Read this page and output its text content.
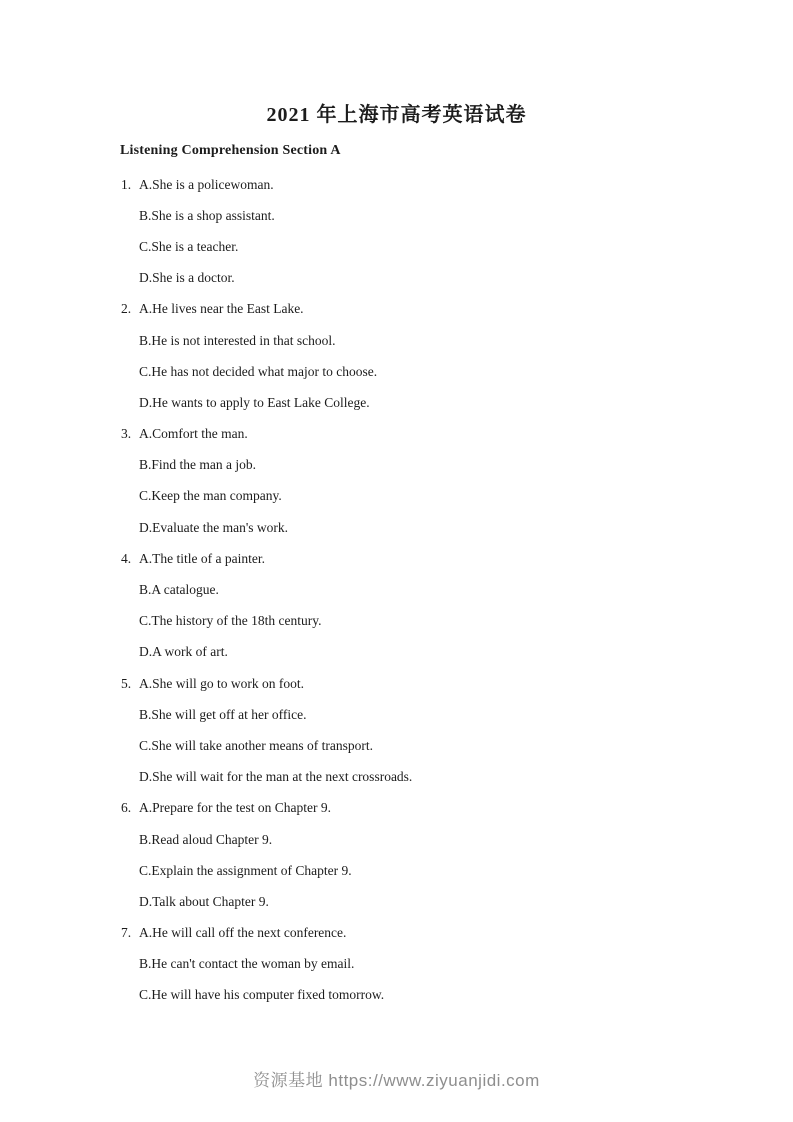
2021 年上海市高考英语试卷
Listening Comprehension Section A
1. A.She is a policewoman.
B.She is a shop assistant.
C.She is a teacher.
D.She is a doctor.
2. A.He lives near the East Lake.
B.He is not interested in that school.
C.He has not decided what major to choose.
D.He wants to apply to East Lake College.
3. A.Comfort the man.
B.Find the man a job.
C.Keep the man company.
D.Evaluate the man's work.
4. A.The title of a painter.
B.A catalogue.
C.The history of the 18th century.
D.A work of art.
5. A.She will go to work on foot.
B.She will get off at her office.
C.She will take another means of transport.
D.She will wait for the man at the next crossroads.
6. A.Prepare for the test on Chapter 9.
B.Read aloud Chapter 9.
C.Explain the assignment of Chapter 9.
D.Talk about Chapter 9.
7. A.He will call off the next conference.
B.He can't contact the woman by email.
C.He will have his computer fixed tomorrow.
资源基地 https://www.ziyuanjidi.com
